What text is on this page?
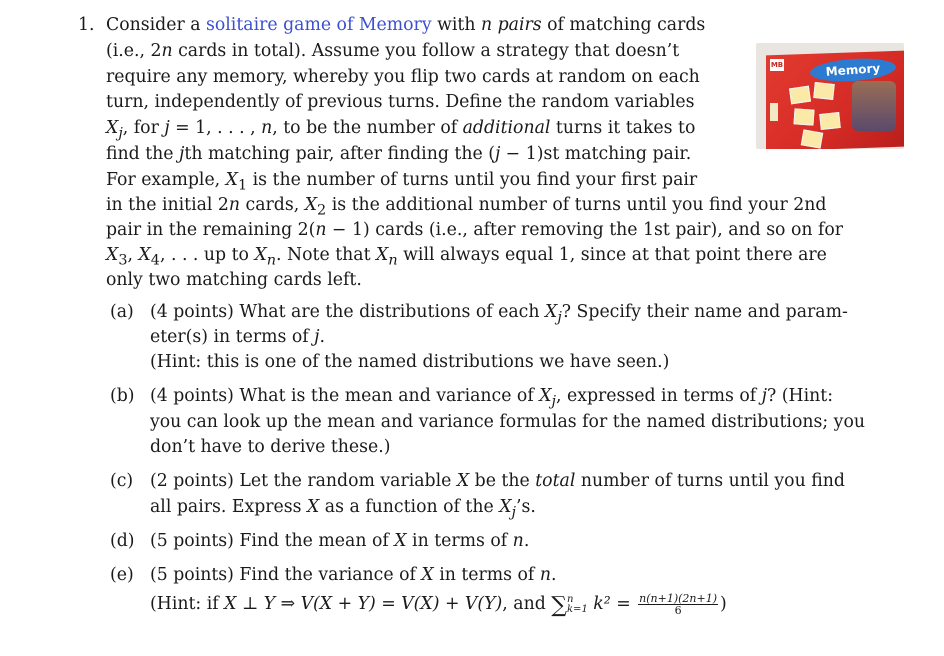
1. Consider a solitaire game of Memory with n pairs of matching cards
(i.e., 2n cards in total). Assume you follow a strategy that doesn’t
require any memory, whereby you flip two cards at random on each
turn, independently of previous turns. Define the random variables
$X_j$, for j = 1, . . . , n, to be the number of additional turns it takes to
find the jth matching pair, after finding the (j − 1)st matching pair.
For example, $X_1$ is the number of turns until you find your first pair
in the initial 2n cards, $X_2$ is the additional number of turns until you find your 2nd
pair in the remaining 2(n − 1) cards (i.e., after removing the 1st pair), and so on for
$X_3$, $X_4$, . . . up to $X_n$. Note that $X_n$ will always equal 1, since at that point there are
only two matching cards left.
(a) (4 points) What are the distributions of each $X_j$? Specify their name and param-
eter(s) in terms of j.
(Hint: this is one of the named distributions we have seen.)
(b) (4 points) What is the mean and variance of $X_j$, expressed in terms of j? (Hint:
you can look up the mean and variance formulas for the named distributions; you
don’t have to derive these.)
(c) (2 points) Let the random variable X be the total number of turns until you find
all pairs. Express X as a function of the $X_j’s$.
(d) (5 points) Find the mean of X in terms of n.
(e) (5 points) Find the variance of X in terms of n.
(Hint: if X ⊥ Y ⇒ V(X + Y) = V(X) + V(Y), and ∑ n
k=1 $k^2 = \frac{n(n+1)(2n+1)}{6}$ )
MB	Memory
